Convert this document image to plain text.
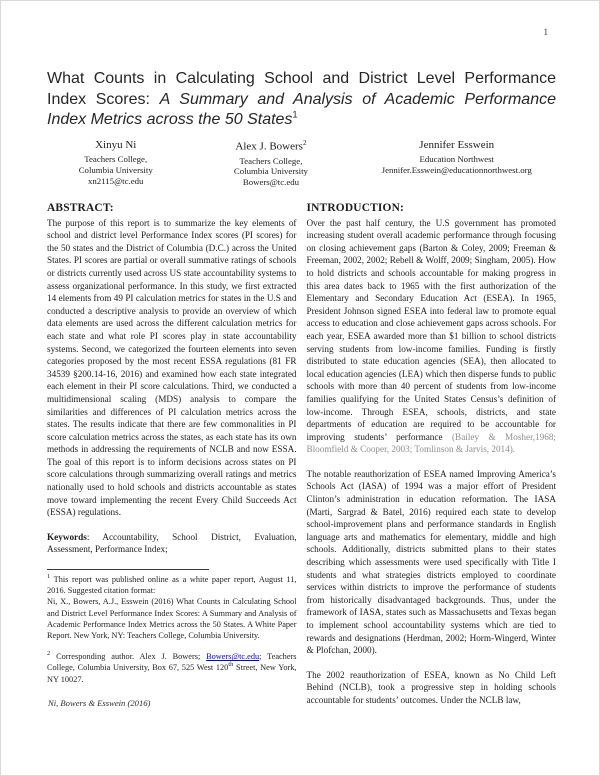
1
What Counts in Calculating School and District Level Performance Index Scores: A Summary and Analysis of Academic Performance Index Metrics across the 50 States$^1$
Xinyu Ni
Teachers College,
Columbia University
xn2115@tc.edu
Alex J. Bowers$^2$
Teachers College,
Columbia University
Bowers@tc.edu
Jennifer Esswein
Education Northwest
Jennifer.Esswein@educationnorthwest.org
ABSTRACT:

The purpose of this report is to summarize the key elements of school and district level Performance Index scores (PI scores) for the 50 states and the District of Columbia (D.C.) across the United States. PI scores are partial or overall summative ratings of schools or districts currently used across US state accountability systems to assess organizational performance. In this study, we first extracted 14 elements from 49 PI calculation metrics for states in the U.S and conducted a descriptive analysis to provide an overview of which data elements are used across the different calculation metrics for each state and what role PI scores play in state accountability systems. Second, we categorized the fourteen elements into seven categories proposed by the most recent ESSA regulations (81 FR 34539 §200.14-16, 2016) and examined how each state integrated each element in their PI score calculations. Third, we conducted a multidimensional scaling (MDS) analysis to compare the similarities and differences of PI calculation metrics across the states. The results indicate that there are few commonalities in PI score calculation metrics across the states, as each state has its own methods in addressing the requirements of NCLB and now ESSA. The goal of this report is to inform decisions across states on PI score calculations through summarizing overall ratings and metrics nationally used to hold schools and districts accountable as states move toward implementing the recent Every Child Succeeds Act (ESSA) regulations.

Keywords: Accountability, School District, Evaluation, Assessment, Performance Index;

$^1$ This report was published online as a white paper report, August 11, 2016. Suggested citation format:
Ni, X., Bowers, A.J., Esswein (2016) What Counts in Calculating School and District Level Performance Index Scores: A Summary and Analysis of Academic Performance Index Metrics across the 50 States. A White Paper Report. New York, NY: Teachers College, Columbia University.
$^2$ Corresponding author. Alex J. Bowers; Bowers@tc.edu; Teachers College, Columbia University, Box 67, 525 West 120th Street, New York, NY 10027.
INTRODUCTION:

Over the past half century, the U.S government has promoted increasing student overall academic performance through focusing on closing achievement gaps (Barton & Coley, 2009; Freeman & Freeman, 2002, 2002; Rebell & Wolff, 2009; Singham, 2005). How to hold districts and schools accountable for making progress in this area dates back to 1965 with the first authorization of the Elementary and Secondary Education Act (ESEA). In 1965, President Johnson signed ESEA into federal law to promote equal access to education and close achievement gaps across schools. For each year, ESEA awarded more than $1 billion to school districts serving students from low-income families. Funding is firstly distributed to state education agencies (SEA), then allocated to local education agencies (LEA) which then disperse funds to public schools with more than 40 percent of students from low-income families qualifying for the United States Census’s definition of low-income. Through ESEA, schools, districts, and state departments of education are required to be accountable for improving students’ performance (Bailey & Mosher,1968; Bloomfield & Cooper, 2003; Tomlinson & Jarvis, 2014).

The notable reauthorization of ESEA named Improving America’s Schools Act (IASA) of 1994 was a major effort of President Clinton’s administration in education reformation. The IASA (Marti, Sargrad & Batel, 2016) required each state to develop school-improvement plans and performance standards in English language arts and mathematics for elementary, middle and high schools. Additionally, districts submitted plans to their states describing which assessments were used specifically with Title I students and what strategies districts employed to coordinate services within districts to improve the performance of students from historically disadvantaged backgrounds. Thus, under the framework of IASA, states such as Massachusetts and Texas began to implement school accountability systems which are tied to rewards and designations (Herdman, 2002; Horm-Wingerd, Winter & Plofchan, 2000).

The 2002 reauthorization of ESEA, known as No Child Left Behind (NCLB), took a progressive step in holding schools accountable for students’ outcomes. Under the NCLB law,

Ni, Bowers & Esswein (2016)
